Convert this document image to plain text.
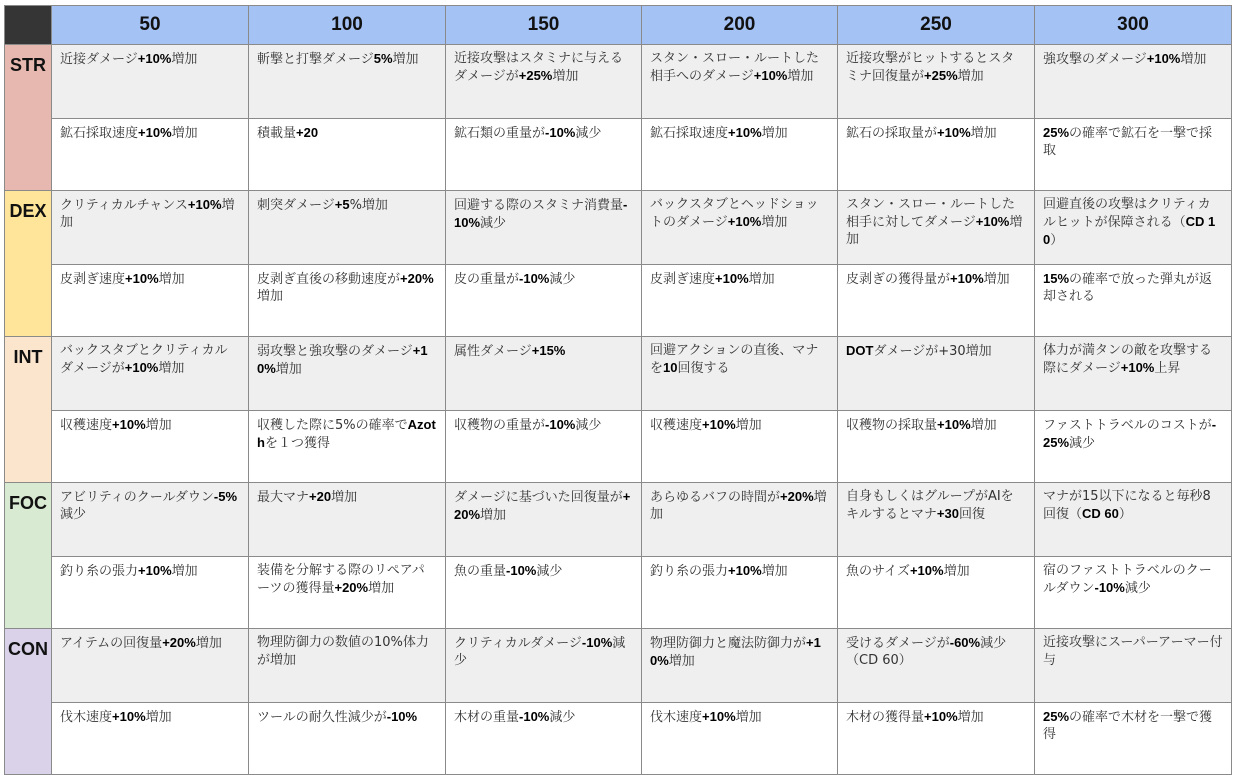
	50	100	150	200	250	300
STR	近接ダメージ+10%増加	斬撃と打撃ダメージ5%増加	近接攻撃はスタミナに与えるダメージが+25%増加	スタン・スロー・ルートした相手へのダメージ+10%増加	近接攻撃がヒットするとスタミナ回復量が+25%増加	強攻撃のダメージ+10%増加
	鉱石採取速度+10%増加	積載量+20	鉱石類の重量が-10%減少	鉱石採取速度+10%増加	鉱石の採取量が+10%増加	25%の確率で鉱石を一撃で採取
DEX	クリティカルチャンス+10%増加	刺突ダメージ+5%増加	回避する際のスタミナ消費量-10%減少	バックスタブとヘッドショットのダメージ+10%増加	スタン・スロー・ルートした相手に対してダメージ+10%増加	回避直後の攻撃はクリティカルヒットが保障される（CD 10）
	皮剥ぎ速度+10%増加	皮剥ぎ直後の移動速度が+20%増加	皮の重量が-10%減少	皮剥ぎ速度+10%増加	皮剥ぎの獲得量が+10%増加	15%の確率で放った弾丸が返却される
INT	バックスタブとクリティカルダメージが+10%増加	弱攻撃と強攻撃のダメージ+10%増加	属性ダメージ+15%	回避アクションの直後、マナを10回復する	DOTダメージが+30増加	体力が満タンの敵を攻撃する際にダメージ+10%上昇
	収穫速度+10%増加	収穫した際に5%の確率でAzothを１つ獲得	収穫物の重量が-10%減少	収穫速度+10%増加	収穫物の採取量+10%増加	ファストトラベルのコストが-25%減少
FOC	アビリティのクールダウン-5%減少	最大マナ+20増加	ダメージに基づいた回復量が+20%増加	あらゆるバフの時間が+20%増加	自身もしくはグループがAIをキルするとマナ+30回復	マナが15以下になると毎秒8回復（CD 60）
	釣り糸の張力+10%増加	装備を分解する際のリペアパーツの獲得量+20%増加	魚の重量-10%減少	釣り糸の張力+10%増加	魚のサイズ+10%増加	宿のファストトラベルのクールダウン-10%減少
CON	アイテムの回復量+20%増加	物理防御力の数値の10%体力が増加	クリティカルダメージ-10%減少	物理防御力と魔法防御力が+10%増加	受けるダメージが-60%減少（CD 60）	近接攻撃にスーパーアーマー付与
	伐木速度+10%増加	ツールの耐久性減少が-10%	木材の重量-10%減少	伐木速度+10%増加	木材の獲得量+10%増加	25%の確率で木材を一撃で獲得
